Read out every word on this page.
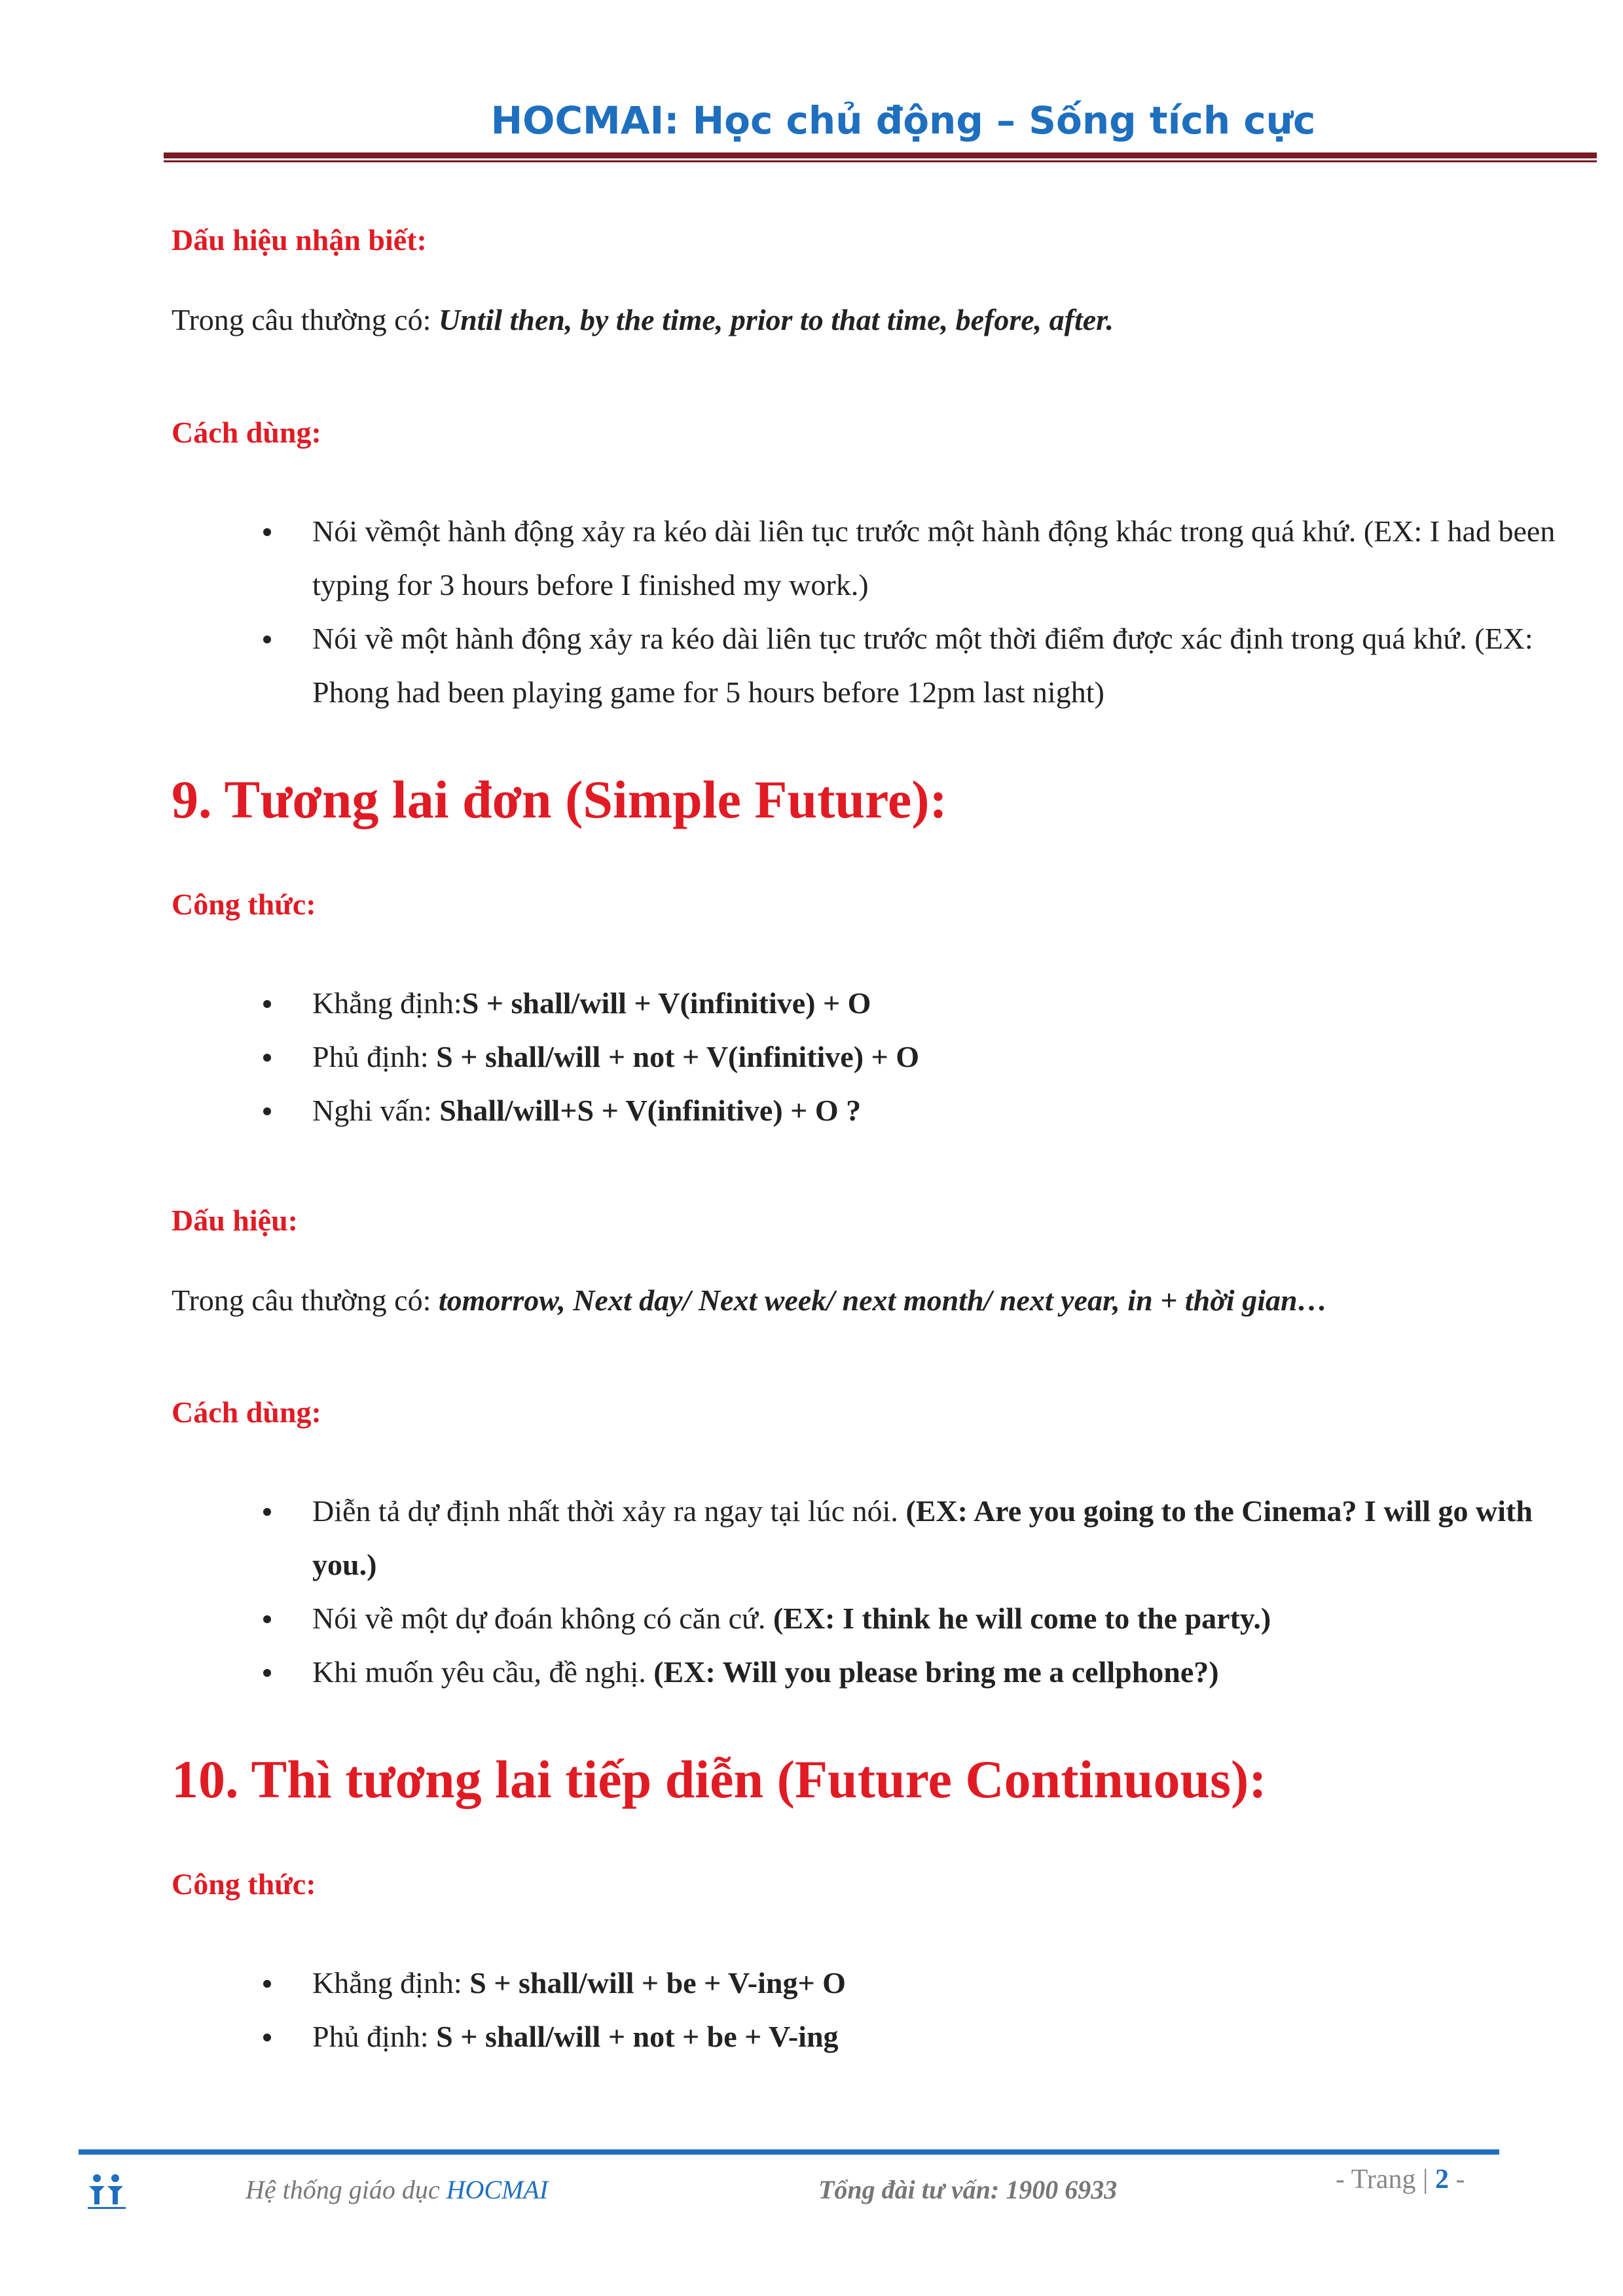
HOCMAI: Học chủ động – Sống tích cực

Dấu hiệu nhận biết:

Trong câu thường có: Until then, by the time, prior to that time, before, after.

Cách dùng:

Nói vềmột hành động xảy ra kéo dài liên tục trước một hành động khác trong quá khứ. (EX: I had been typing for 3 hours before I finished my work.)
Nói về một hành động xảy ra kéo dài liên tục trước một thời điểm được xác định trong quá khứ. (EX: Phong had been playing game for 5 hours before 12pm last night)
9. Tương lai đơn (Simple Future):

Công thức:

Khẳng định:S + shall/will + V(infinitive) + O
Phủ định: S + shall/will + not + V(infinitive) + O
Nghi vấn: Shall/will+S + V(infinitive) + O ?

Dấu hiệu:

Trong câu thường có: tomorrow, Next day/ Next week/ next month/ next year, in + thời gian…

Cách dùng:

Diễn tả dự định nhất thời xảy ra ngay tại lúc nói. (EX: Are you going to the Cinema? I will go with you.)
Nói về một dự đoán không có căn cứ. (EX: I think he will come to the party.)
Khi muốn yêu cầu, đề nghị. (EX: Will you please bring me a cellphone?)
10. Thì tương lai tiếp diễn (Future Continuous):

Công thức:

Khẳng định: S + shall/will + be + V-ing+ O
Phủ định: S + shall/will + not + be + V-ing
Hệ thống giáo dục HOCMAI	Tổng đài tư vấn: 1900 6933	- Trang | 2 -
